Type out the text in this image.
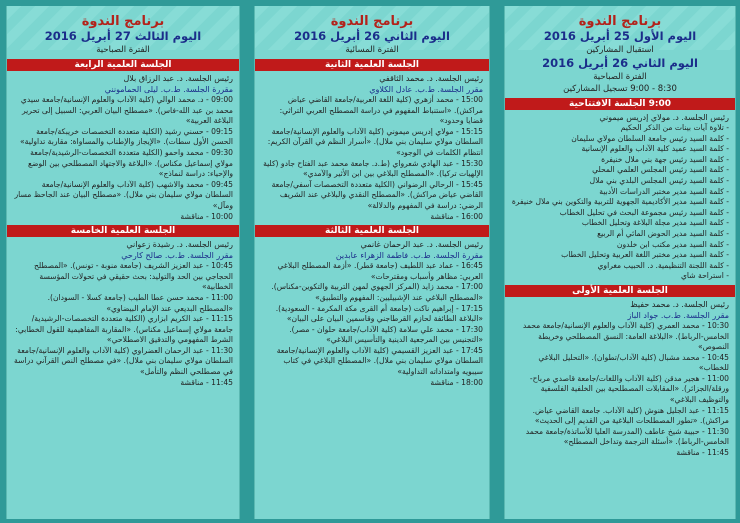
برنامج الندوة
اليوم الثالث 27 أبريل 2016
الفترة الصباحية
الجلسة العلمية الرابعة
رئيس الجلسة. د. عبد الرزاق بلال
مقررة الجلسة. ط.ب. ليلى الحمامونني
09:00 - د. محمد الوالي (كلية الآداب والعلوم الإنسانية/جامعة سيدي محمد بن عبد الله-فاس). «مصطلح البيان العربي: السبيل إلى تحرير البلاغة العربية»
09:15 - حسني رشيد (الكلية متعددة التخصصات خريبكة/جامعة الحسن الأول سطات). «الإيجاز والإطناب والمساواة: مقاربة تداولية»
09:30 - محمد واحمو (الكلية متعددة التخصصات-الرشيدية/جامعة مولاي إسماعيل مكناس). «البلاغة والاجتهاد المصطلحي بين الوضع والإحياء: دراسة لنماذج»
09:45 - محمد والاشهب (كلية الآداب والعلوم الإنسانية/جامعة السلطان مولاي سليمان بني ملال). «مصطلح البيان عند الجاحظ مسار ومآل»
10:00 - مناقشة
الجلسة العلمية الخامسة
رئيس الجلسة. د. رشيدة زعواني
مقرر الجلسة. ط.ب. صالح كارحي
10:45 - عبد العزيز الشريف (جامعة منوبة - تونس). «المصطلح الحجاجي بين الحد والتوليد: بحث حقيقي في تحولات المؤسسة الخطابية»
11:00 - محمد حسن عطا الطيب (جامعة كسلا - السودان). «المصطلح البديعي عند الإمام البيضاوي»
11:15 - عبد الكريم ابزاري (الكلية متعددة التخصصات-الرشيدية/جامعة مولاي إسماعيل مكناس). «المقاربة المفاهيمية للقول الخطابي: الشرط المفهومي والتدقيق الاصطلاحي»
11:30 - عبد الرحمان العضراوي (كلية الآداب والعلوم الإنسانية/جامعة السلطان مولاي سليمان بني ملال). «في مصطلح النص القرآني دراسة في مصطلحي النظم والتأمل»
11:45 - مناقشة
برنامج الندوة
اليوم الثاني 26 أبريل 2016
الفترة المسائية
الجلسة العلمية الثانية
رئيس الجلسة. د. محمد الثاقفي
مقرر الجلسة. ط.ب. عادل الكلاوي
15:00 - محمد أزهري (كلية اللغة العربية/جامعة القاضي عياض مراكش). «استنباط المفهوم في دراسة المصطلح العربي التراثي: قضايا وحدود»
15:15 - مولاي إدريس ميموني (كلية الآداب والعلوم الإنسانية/جامعة السلطان مولاي سليمان بني ملال). «أسرار النظم في القرآن الكريم: انتظام الكلمات في الوجود»
15:30 - عبد الهادي شعرواي (ط.د. جامعة محمد عبد الفتاح جادو (كلية الإلهيات تركيا). «المصطلح البلاغي بين ابن الأثير والآمدي»
15:45 - الرحالي الرضواني (الكلية متعددة التخصصات آسفي/جامعة القاضي عياض مراكش). «المصطلح النقدي والبلاغي عند الشريف الرضي: دراسة في المفهوم والدلالة»
16:00 - مناقشة
الجلسة العلمية الثالثة
رئيس الجلسة. د. عبد الرحمان غانمي
مقررة الجلسة. ط.ب. فاطمة الزهراء عابدين
16:45 - عماد عبد اللطيف (جامعة قطر). «أزمة المصطلح البلاغي العربي: مظاهر وأسباب ومقترحات»
17:00 - محمد زايد (المركز الجهوي لمهن التربية والتكوين-مكناس). «المصطلح البلاغي عند الإشبيليين: المفهوم والتطبيق»
17:15 - إبراهيم ناكت (جامعة أم القرى مكة المكرمة - السعودية). «البلاغة الطائفة لحازم القرطاجني وقاسمين البيان على البيان»
17:30 - محمد علي سلامة (كلية الآداب/جامعة حلوان - مصر). «التجنيس بين المرجعية الدينية والتأسيس البلاغي»
17:45 - عبد العزيز القسيمي (كلية الآداب والعلوم الإنسانية/جامعة السلطان مولاي سليمان بني ملال). «المصطلح البلاغي في كتاب سيبويه وامتداداته التداولية»
18:00 - مناقشة
برنامج الندوة
اليوم الأول 25 أبريل 2016
استقبال المشاركين
اليوم الثاني 26 أبريل 2016
الفترة الصباحية
8:30 - 9:00 تسجيل المشاركين
9:00 الجلسة الافتتاحية
رئيس الجلسة. د. مولاي إدريس ميموني
- تلاوة آيات بينات من الذكر الحكيم
- كلمة السيد رئيس جامعة السلطان مولاي سليمان
- كلمة السيد عميد كلية الآداب والعلوم الإنسانية
- كلمة السيد رئيس جهة بني ملال خنيفرة
- كلمة السيد رئيس المجلس العلمي المحلي
- كلمة السيد رئيس المجلس البلدي بني ملال
- كلمة السيد مدير مختبر الدراسات الأدبية
- كلمة السيد مدير الأكاديمية الجهوية للتربية والتكوين بني ملال خنيفرة
- كلمة السيد رئيس مجموعة البحث في تحليل الخطاب
- كلمة السيد مدير مجلة البلاغة وتحليل الخطاب
- كلمة السيد مدير الحوض المائي أم الربيع
- كلمة السيد مدير مكتب ابن خلدون
- كلمة السيد مدير مختبر اللغة العربية وتحليل الخطاب
- كلمة اللجنة التنظيمية. د. الحبيب مغراوي
- استراحة شاي
الجلسة العلمية الأولى
رئيس الجلسة. د. محمد حفيظ
مقرر الجلسة. ط.ب. جواد الباز
10:30 - محمد العمري (كلية الآداب والعلوم الإنسانية/جامعة محمد الخامس-الرباط). «البلاغة العامة: النسق المصطلحي وخريطة النصوص»
10:45 - محمد مشبال (كلية الآداب/تطوان). «التحليل البلاغي للخطاب»
11:00 - هجير مدقن (كلية الآداب واللغات/جامعة قاصدي مرباح-ورقلة/الجزائر). «المقابلات المصطلحية بين الخلفية الفلسفية والتوظيف البلاغي»
11:15 - عبد الجليل هنوش (كلية الآداب. جامعة القاضي عياض. مراكش). «تطور المصطلحات البلاغية من القديم إلى الحديث»
11:30 - حبيبة شيخ عاطف (المدرسة العليا للأساتذة/جامعة محمد الخامس-الرباط). «أسئلة الترجمة وتداخل المصطلح»
11:45 - مناقشة
